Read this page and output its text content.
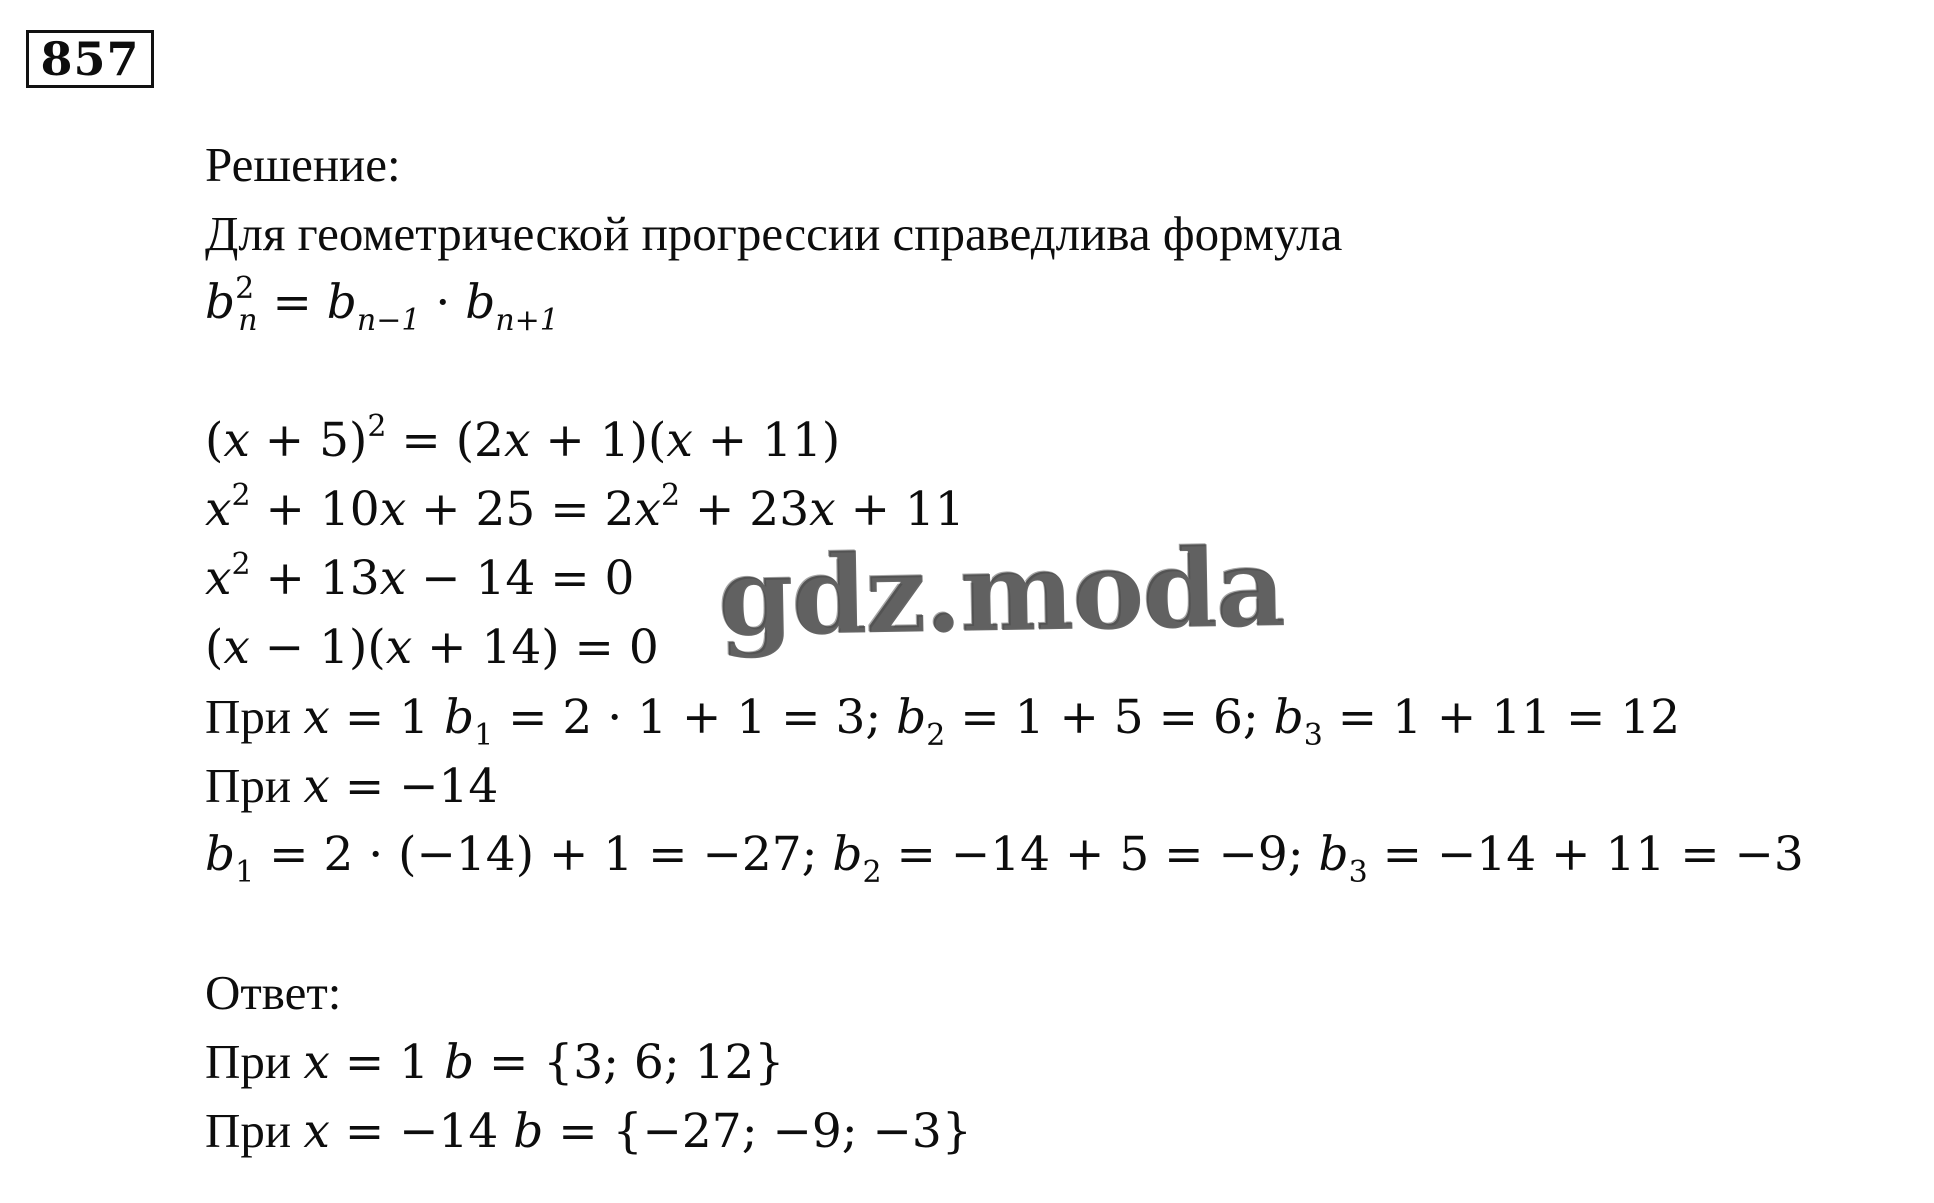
857
Решение:
Для геометрической прогрессии справедлива формула
$b^2_n = b_{n-1} \cdot b_{n+1}$
$(x + 5)^2 = (2x + 1)(x + 11)$
$x^2 + 10x + 25 = 2x^2 + 23x + 11$
$x^2 + 13x - 14 = 0$
(x − 1)(x + 14) = 0
При x = 1 $b_1 = 2 \cdot 1 + 1 = 3$; $b_2 = 1 + 5 = 6$; $b_3 = 1 + 11 = 12$
При x = −14
$b_1 = 2 \cdot (-14) + 1 = -27$; $b_2 = -14 + 5 = -9$; $b_3 = -14 + 11 = -3$
Ответ:
При x = 1 b = {3; 6; 12}
При x = −14 b = {−27; −9; −3}
gdz.moda
